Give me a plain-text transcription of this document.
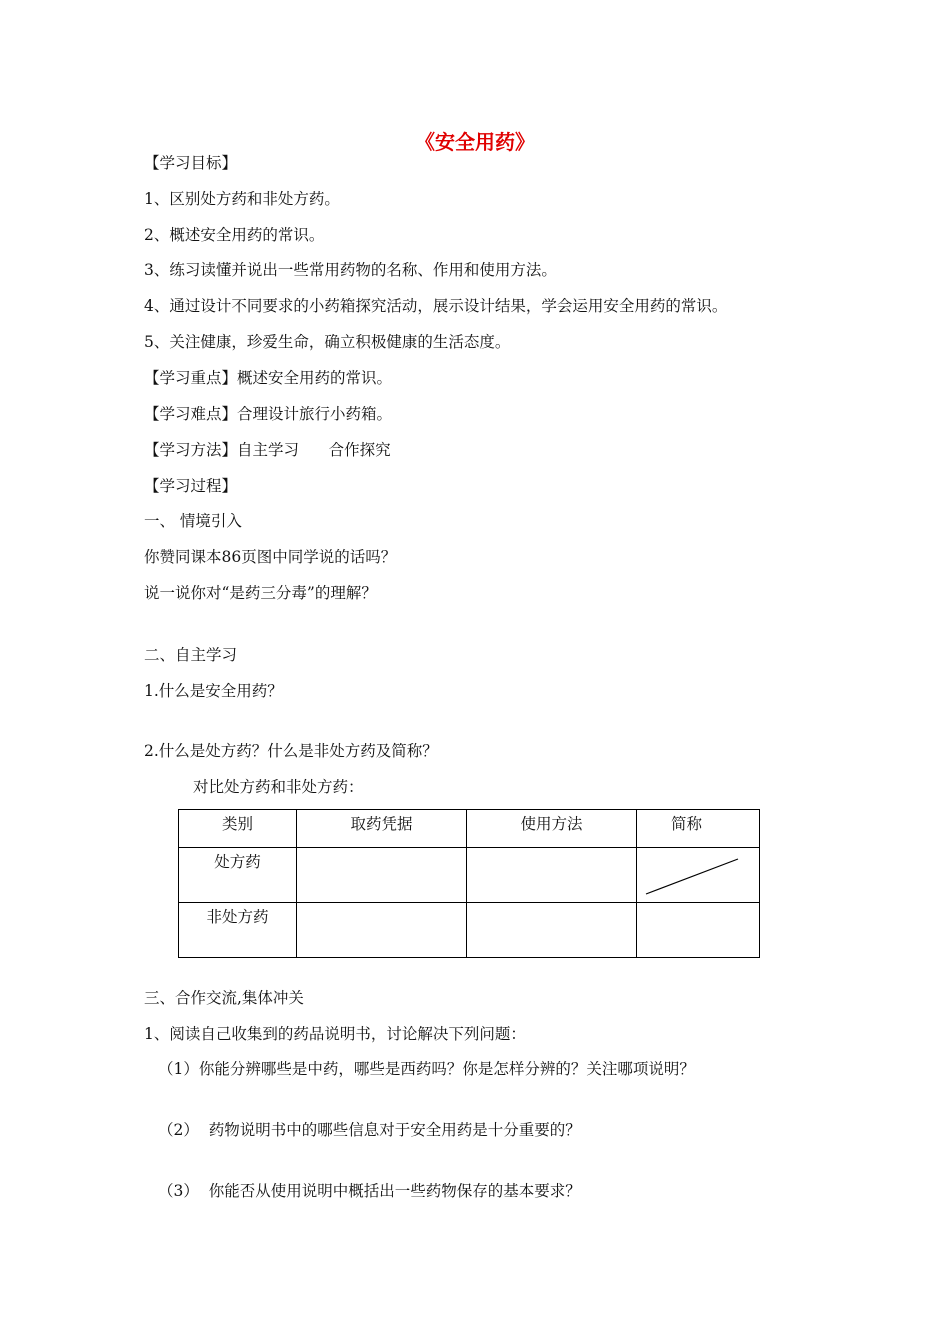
《安全用药》
【学习目标】
1、区别处方药和非处方药。
2、概述安全用药的常识。
3、练习读懂并说出一些常用药物的名称、作用和使用方法。
4、通过设计不同要求的小药箱探究活动，展示设计结果，学会运用安全用药的常识。
5、关注健康，珍爱生命，确立积极健康的生活态度。
【学习重点】概述安全用药的常识。
【学习难点】合理设计旅行小药箱。
【学习方法】自主学习      合作探究
【学习过程】
一、 情境引入
你赞同课本86页图中同学说的话吗？
说一说你对“是药三分毒”的理解？
二、自主学习
1.什么是安全用药？
2.什么是处方药？什么是非处方药及简称？
对比处方药和非处方药：
类别	取药凭据	使用方法	简称

处方药

非处方药			

三、合作交流,集体冲关
1、阅读自己收集到的药品说明书，讨论解决下列问题：
（1）你能分辨哪些是中药，哪些是西药吗？你是怎样分辨的？关注哪项说明？
（2）  药物说明书中的哪些信息对于安全用药是十分重要的？
（3）  你能否从使用说明中概括出一些药物保存的基本要求？
